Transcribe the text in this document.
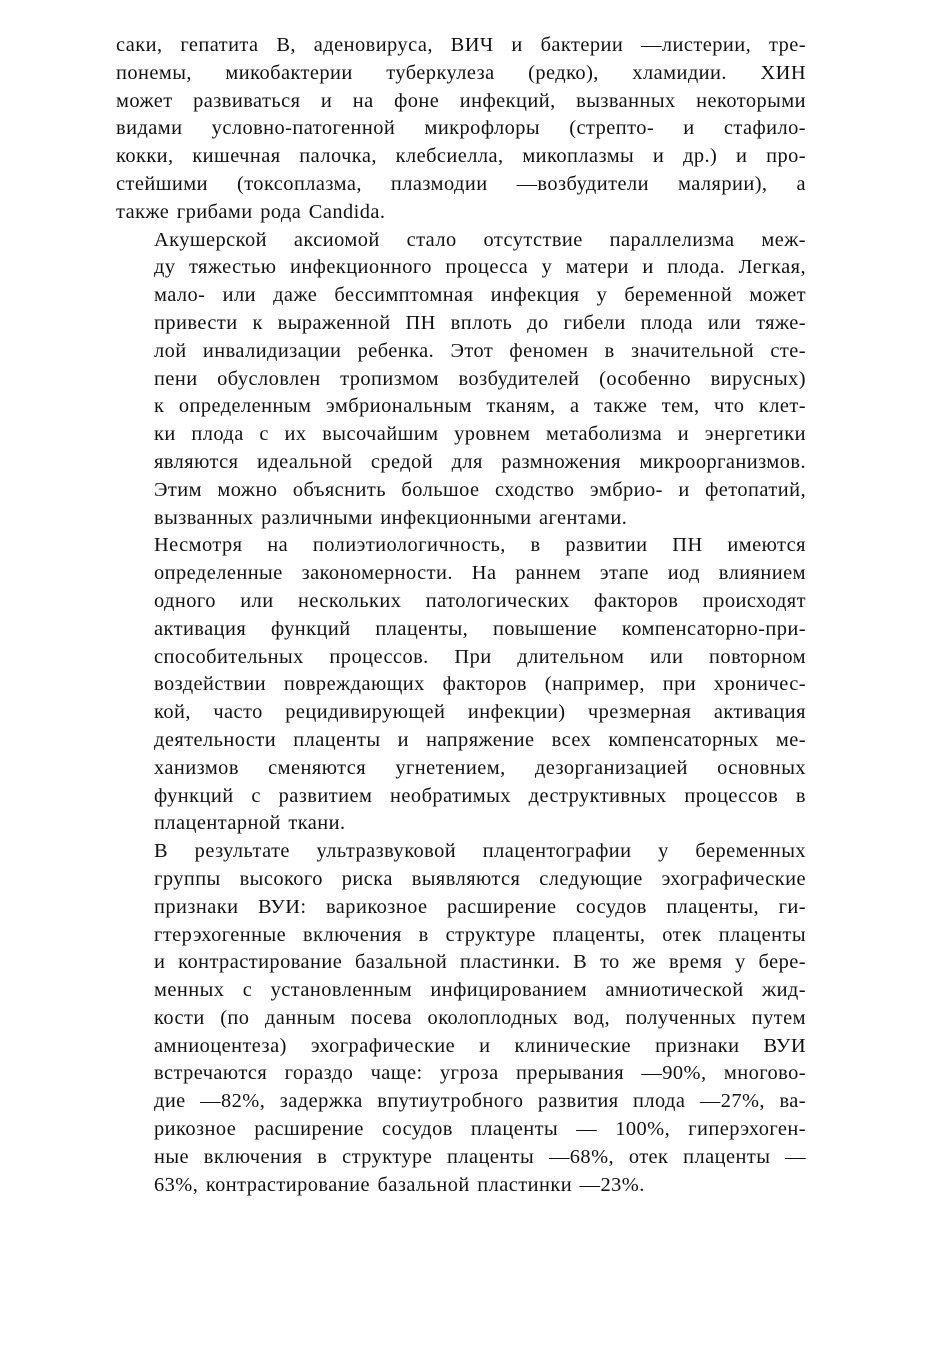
саки, гепатита В, аденовируса, ВИЧ и бактерии —листерии, тре-
понемы, микобактерии туберкулеза (редко), хламидии. ХИН
может развиваться и на фоне инфекций, вызванных некоторыми
видами условно-патогенной микрофлоры (стрепто- и стафило-
кокки, кишечная палочка, клебсиелла, микоплазмы и др.) и про-
стейшими (токсоплазма, плазмодии —возбудители малярии), а
также грибами рода Candida.

Акушерской аксиомой стало отсутствие параллелизма меж-
ду тяжестью инфекционного процесса у матери и плода. Легкая,
мало- или даже бессимптомная инфекция у беременной может
привести к выраженной ПН вплоть до гибели плода или тяже-
лой инвалидизации ребенка. Этот феномен в значительной сте-
пени обусловлен тропизмом возбудителей (особенно вирусных)
к определенным эмбриональным тканям, а также тем, что клет-
ки плода с их высочайшим уровнем метаболизма и энергетики
являются идеальной средой для размножения микроорганизмов.
Этим можно объяснить большое сходство эмбрио- и фетопатий,
вызванных различными инфекционными агентами.

Несмотря на полиэтиологичность, в развитии ПН имеются
определенные закономерности. На раннем этапе иод влиянием
одного или нескольких патологических факторов происходят
активация функций плаценты, повышение компенсаторно-при-
способительных процессов. При длительном или повторном
воздействии повреждающих факторов (например, при хроничес-
кой, часто рецидивирующей инфекции) чрезмерная активация
деятельности плаценты и напряжение всех компенсаторных ме-
ханизмов сменяются угнетением, дезорганизацией основных
функций с развитием необратимых деструктивных процессов в
плацентарной ткани.

В результате ультразвуковой плацентографии у беременных
группы высокого риска выявляются следующие эхографические
признаки ВУИ: варикозное расширение сосудов плаценты, ги-
гтерэхогенные включения в структуре плаценты, отек плаценты
и контрастирование базальной пластинки. В то же время у бере-
менных с установленным инфицированием амниотической жид-
кости (по данным посева околоплодных вод, полученных путем
амниоцентеза) эхографические и клинические признаки ВУИ
встречаются гораздо чаще: угроза прерывания —90%, многово-
дие —82%, задержка впутиутробного развития плода —27%, ва-
рикозное расширение сосудов плаценты — 100%, гиперэхоген-
ные включения в структуре плаценты —68%, отек плаценты —
63%, контрастирование базальной пластинки —23%.
